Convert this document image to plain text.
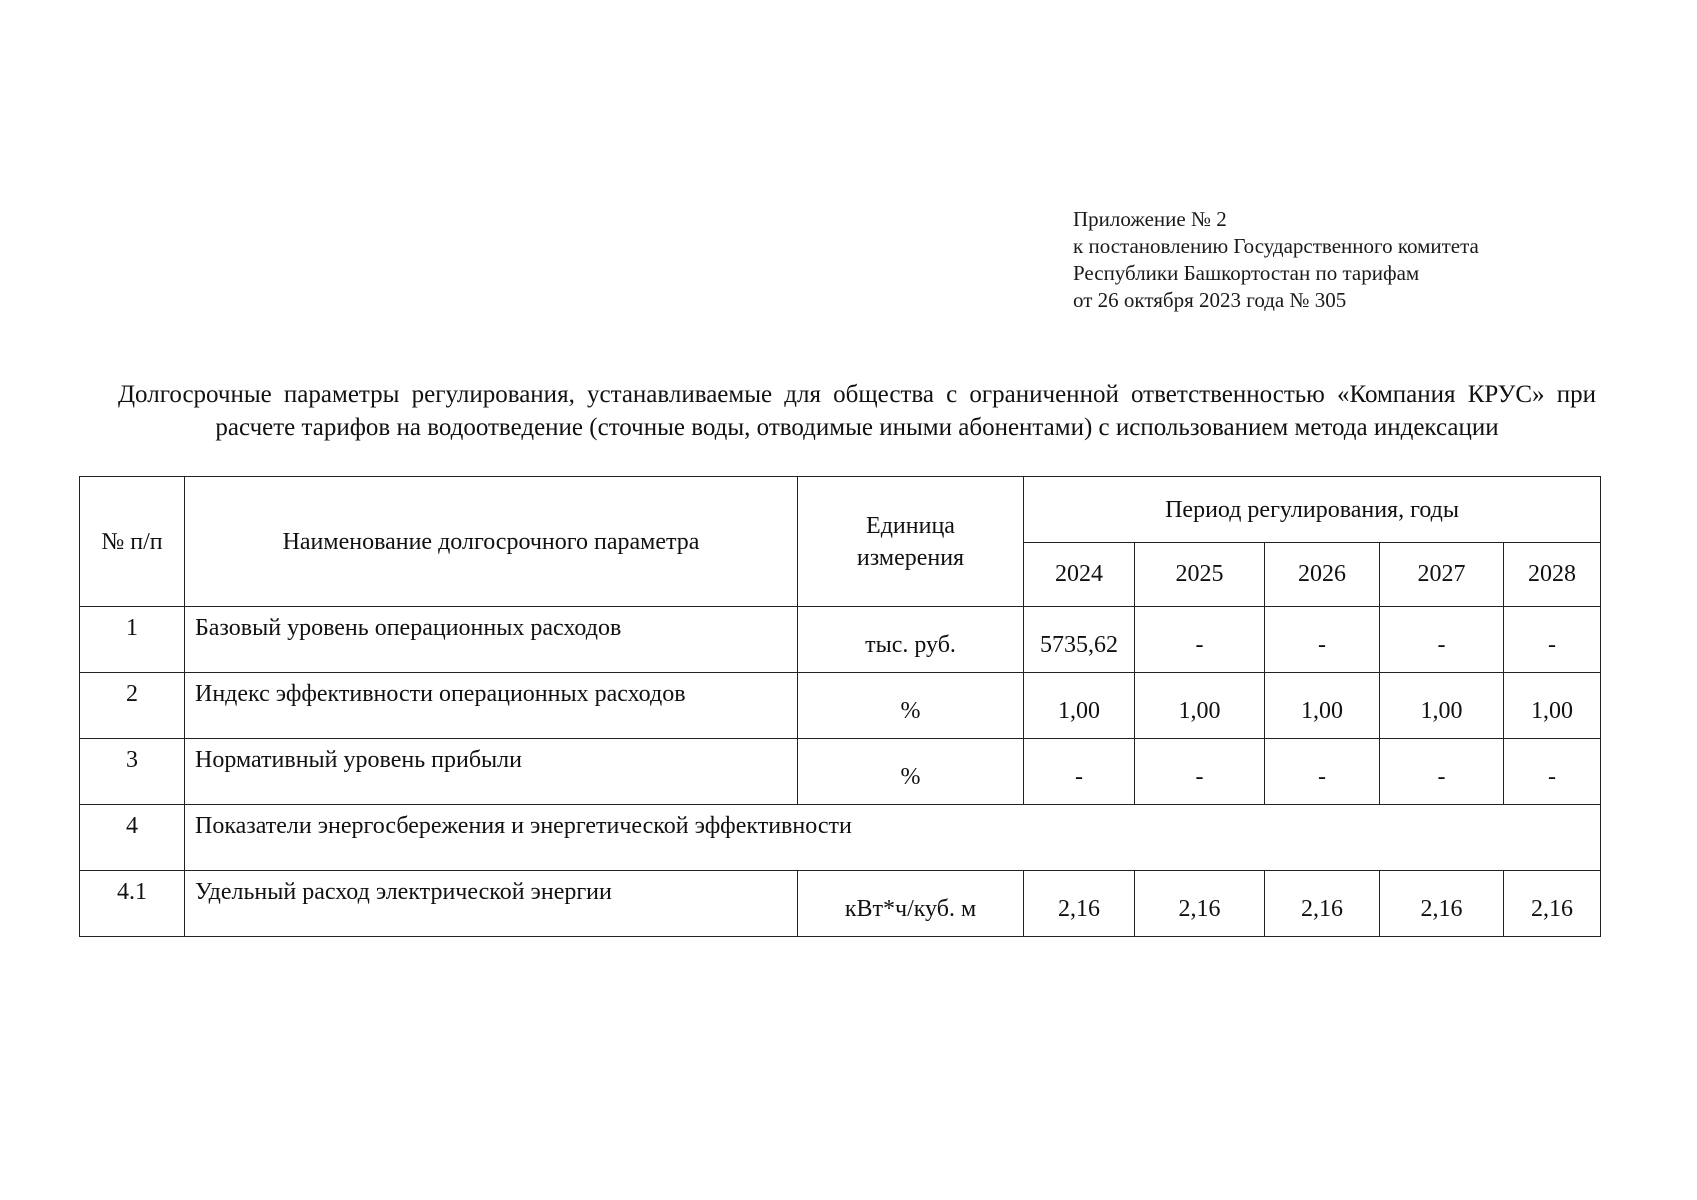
Приложение № 2
к постановлению Государственного комитета
Республики Башкортостан по тарифам
от 26 октября 2023 года № 305
Долгосрочные параметры регулирования, устанавливаемые для общества с ограниченной ответственностью «Компания КРУС» при расчете тарифов на водоотведение (сточные воды, отводимые иными абонентами) с использованием метода индексации
№ п/п	Наименование долгосрочного параметра	Единица измерения	Период регулирования, годы				
			2024	2025	2026	2027	2028
1	Базовый уровень операционных расходов	тыс. руб.	5735,62	-	-	-	-
2	Индекс эффективности операционных расходов	%	1,00	1,00	1,00	1,00	1,00
3	Нормативный уровень прибыли	%	-	-	-	-	-
4	Показатели энергосбережения и энергетической эффективности						
4.1	Удельный расход электрической энергии	кВт*ч/куб. м	2,16	2,16	2,16	2,16	2,16
